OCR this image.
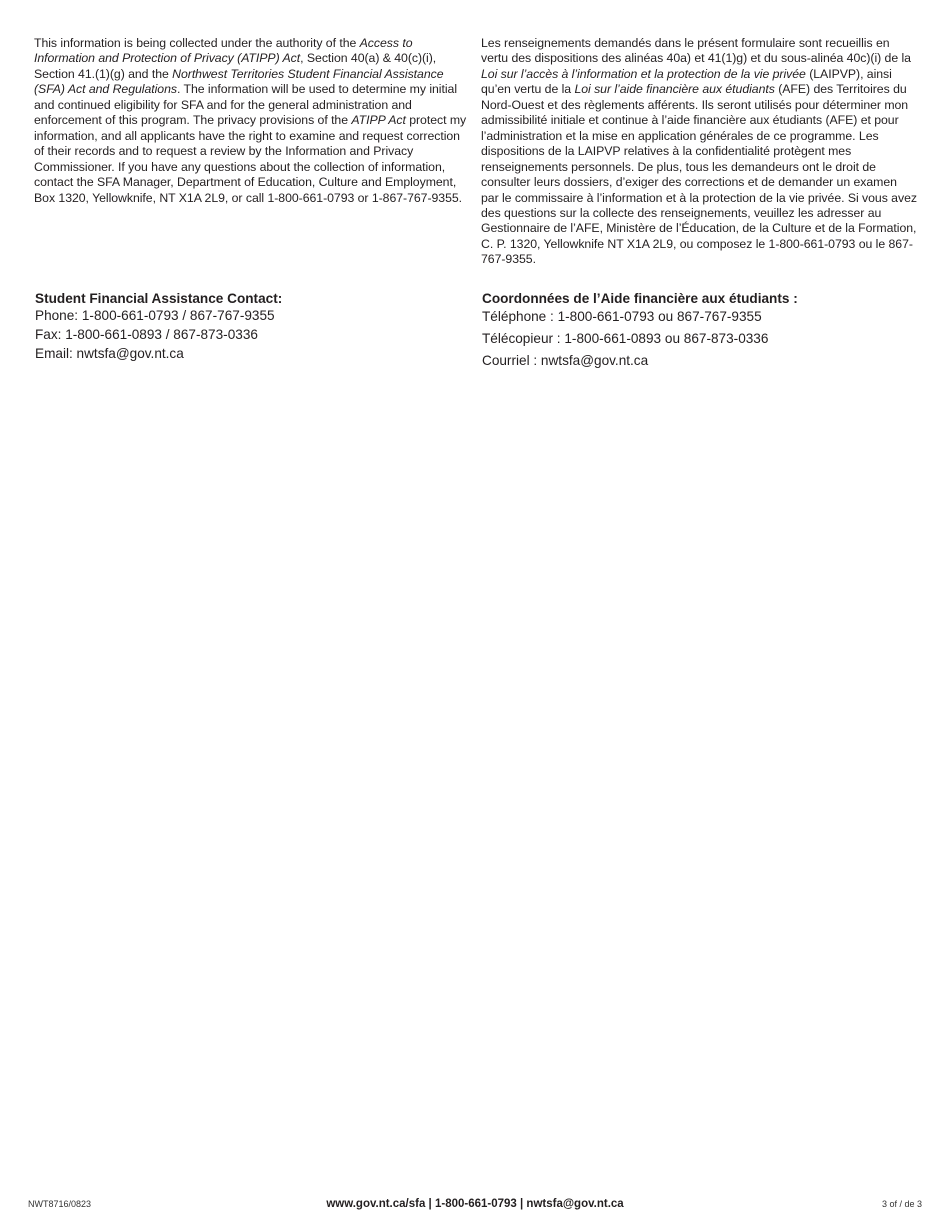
This information is being collected under the authority of the Access to Information and Protection of Privacy (ATIPP) Act, Section 40(a) & 40(c)(i), Section 41.(1)(g) and the Northwest Territories Student Financial Assistance (SFA) Act and Regulations. The information will be used to determine my initial and continued eligibility for SFA and for the general administration and enforcement of this program. The privacy provisions of the ATIPP Act protect my information, and all applicants have the right to examine and request correction of their records and to request a review by the Information and Privacy Commissioner. If you have any questions about the collection of information, contact the SFA Manager, Department of Education, Culture and Employment, Box 1320, Yellowknife, NT X1A 2L9, or call 1-800-661-0793 or 1-867-767-9355.

Les renseignements demandés dans le présent formulaire sont recueillis en vertu des dispositions des alinéas 40a) et 41(1)g) et du sous-alinéa 40c)(i) de la Loi sur l’accès à l’information et la protection de la vie privée (LAIPVP), ainsi qu’en vertu de la Loi sur l’aide financière aux étudiants (AFE) des Territoires du Nord-Ouest et des règlements afférents. Ils seront utilisés pour déterminer mon admissibilité initiale et continue à l’aide financière aux étudiants (AFE) et pour l’administration et la mise en application générales de ce programme. Les dispositions de la LAIPVP relatives à la confidentialité protègent mes renseignements personnels. De plus, tous les demandeurs ont le droit de consulter leurs dossiers, d’exiger des corrections et de demander un examen par le commissaire à l’information et à la protection de la vie privée. Si vous avez des questions sur la collecte des renseignements, veuillez les adresser au Gestionnaire de l’AFE, Ministère de l’Éducation, de la Culture et de la Formation, C. P. 1320, Yellowknife NT X1A 2L9, ou composez le 1-800-661-0793 ou le 867-767-9355.

Student Financial Assistance Contact:

Phone: 1-800-661-0793 / 867-767-9355

Fax: 1-800-661-0893 / 867-873-0336

Email: nwtsfa@gov.nt.ca

Coordonnées de l’Aide financière aux étudiants :

Téléphone : 1-800-661-0793 ou 867-767-9355

Télécopieur : 1-800-661-0893 ou 867-873-0336

Courriel : nwtsfa@gov.nt.ca

NWT8716/0823	www.gov.nt.ca/sfa | 1-800-661-0793 | nwtsfa@gov.nt.ca	3 of / de 3
